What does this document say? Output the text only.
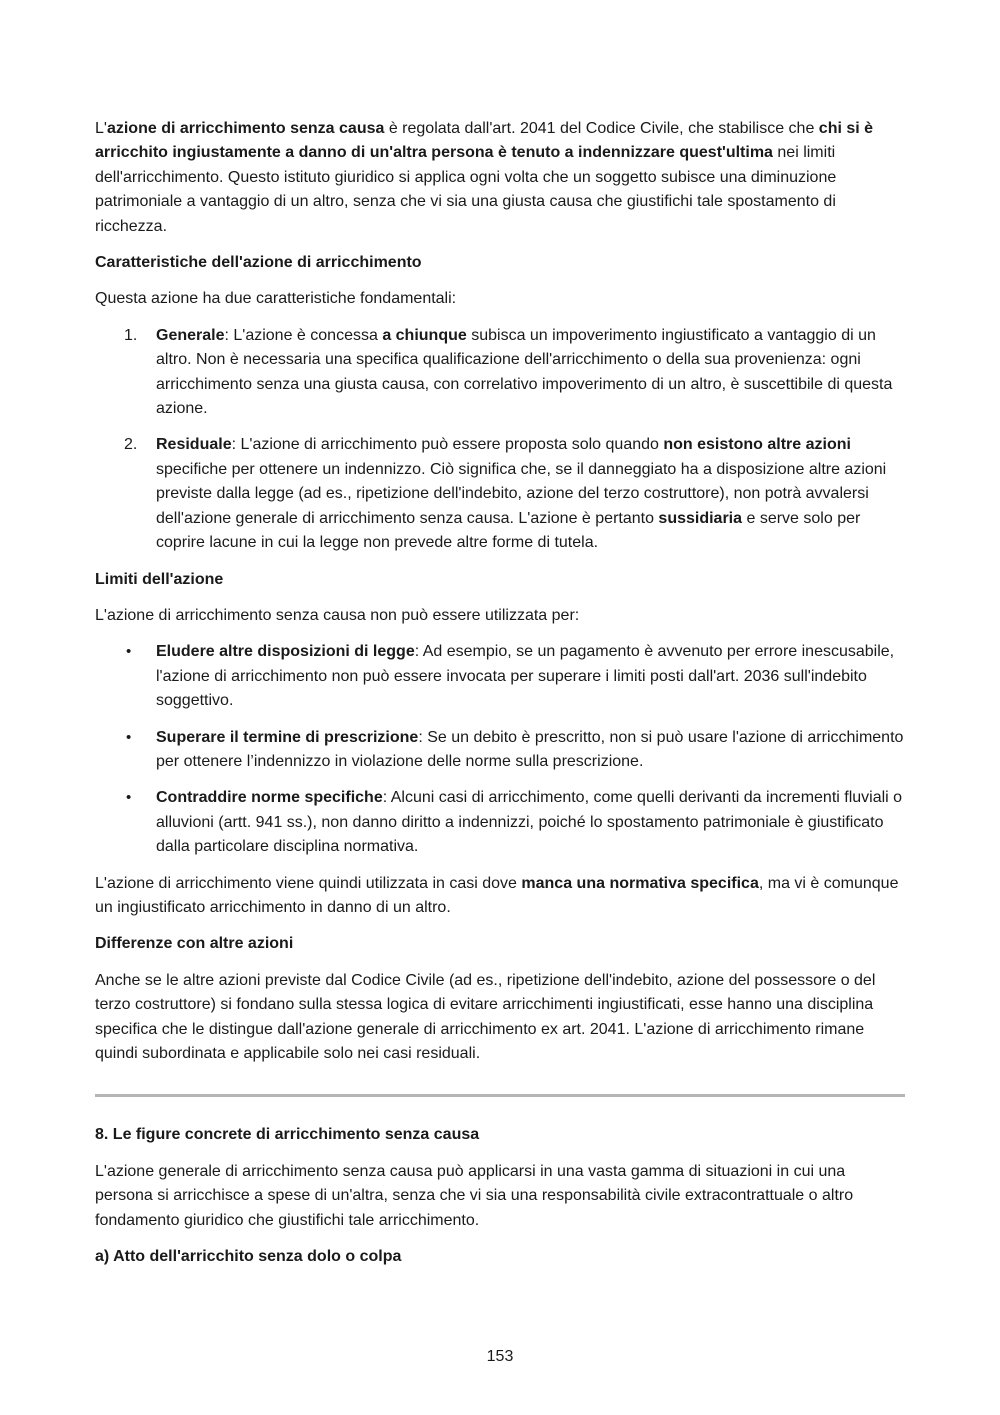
L'azione di arricchimento senza causa è regolata dall'art. 2041 del Codice Civile, che stabilisce che chi si è arricchito ingiustamente a danno di un'altra persona è tenuto a indennizzare quest'ultima nei limiti dell'arricchimento. Questo istituto giuridico si applica ogni volta che un soggetto subisce una diminuzione patrimoniale a vantaggio di un altro, senza che vi sia una giusta causa che giustifichi tale spostamento di ricchezza.

Caratteristiche dell'azione di arricchimento

Questa azione ha due caratteristiche fondamentali:

1. Generale: L'azione è concessa a chiunque subisca un impoverimento ingiustificato a vantaggio di un altro. Non è necessaria una specifica qualificazione dell'arricchimento o della sua provenienza: ogni arricchimento senza una giusta causa, con correlativo impoverimento di un altro, è suscettibile di questa azione.
2. Residuale: L'azione di arricchimento può essere proposta solo quando non esistono altre azioni specifiche per ottenere un indennizzo. Ciò significa che, se il danneggiato ha a disposizione altre azioni previste dalla legge (ad es., ripetizione dell'indebito, azione del terzo costruttore), non potrà avvalersi dell'azione generale di arricchimento senza causa. L'azione è pertanto sussidiaria e serve solo per coprire lacune in cui la legge non prevede altre forme di tutela.
Limiti dell'azione

L'azione di arricchimento senza causa non può essere utilizzata per:

• Eludere altre disposizioni di legge: Ad esempio, se un pagamento è avvenuto per errore inescusabile, l'azione di arricchimento non può essere invocata per superare i limiti posti dall'art. 2036 sull'indebito soggettivo.
• Superare il termine di prescrizione: Se un debito è prescritto, non si può usare l'azione di arricchimento per ottenere l’indennizzo in violazione delle norme sulla prescrizione.
• Contraddire norme specifiche: Alcuni casi di arricchimento, come quelli derivanti da incrementi fluviali o alluvioni (artt. 941 ss.), non danno diritto a indennizzi, poiché lo spostamento patrimoniale è giustificato dalla particolare disciplina normativa.

L'azione di arricchimento viene quindi utilizzata in casi dove manca una normativa specifica, ma vi è comunque un ingiustificato arricchimento in danno di un altro.

Differenze con altre azioni

Anche se le altre azioni previste dal Codice Civile (ad es., ripetizione dell'indebito, azione del possessore o del terzo costruttore) si fondano sulla stessa logica di evitare arricchimenti ingiustificati, esse hanno una disciplina specifica che le distingue dall'azione generale di arricchimento ex art. 2041. L'azione di arricchimento rimane quindi subordinata e applicabile solo nei casi residuali.

8. Le figure concrete di arricchimento senza causa

L'azione generale di arricchimento senza causa può applicarsi in una vasta gamma di situazioni in cui una persona si arricchisce a spese di un'altra, senza che vi sia una responsabilità civile extracontrattuale o altro fondamento giuridico che giustifichi tale arricchimento.

a) Atto dell'arricchito senza dolo o colpa
153
